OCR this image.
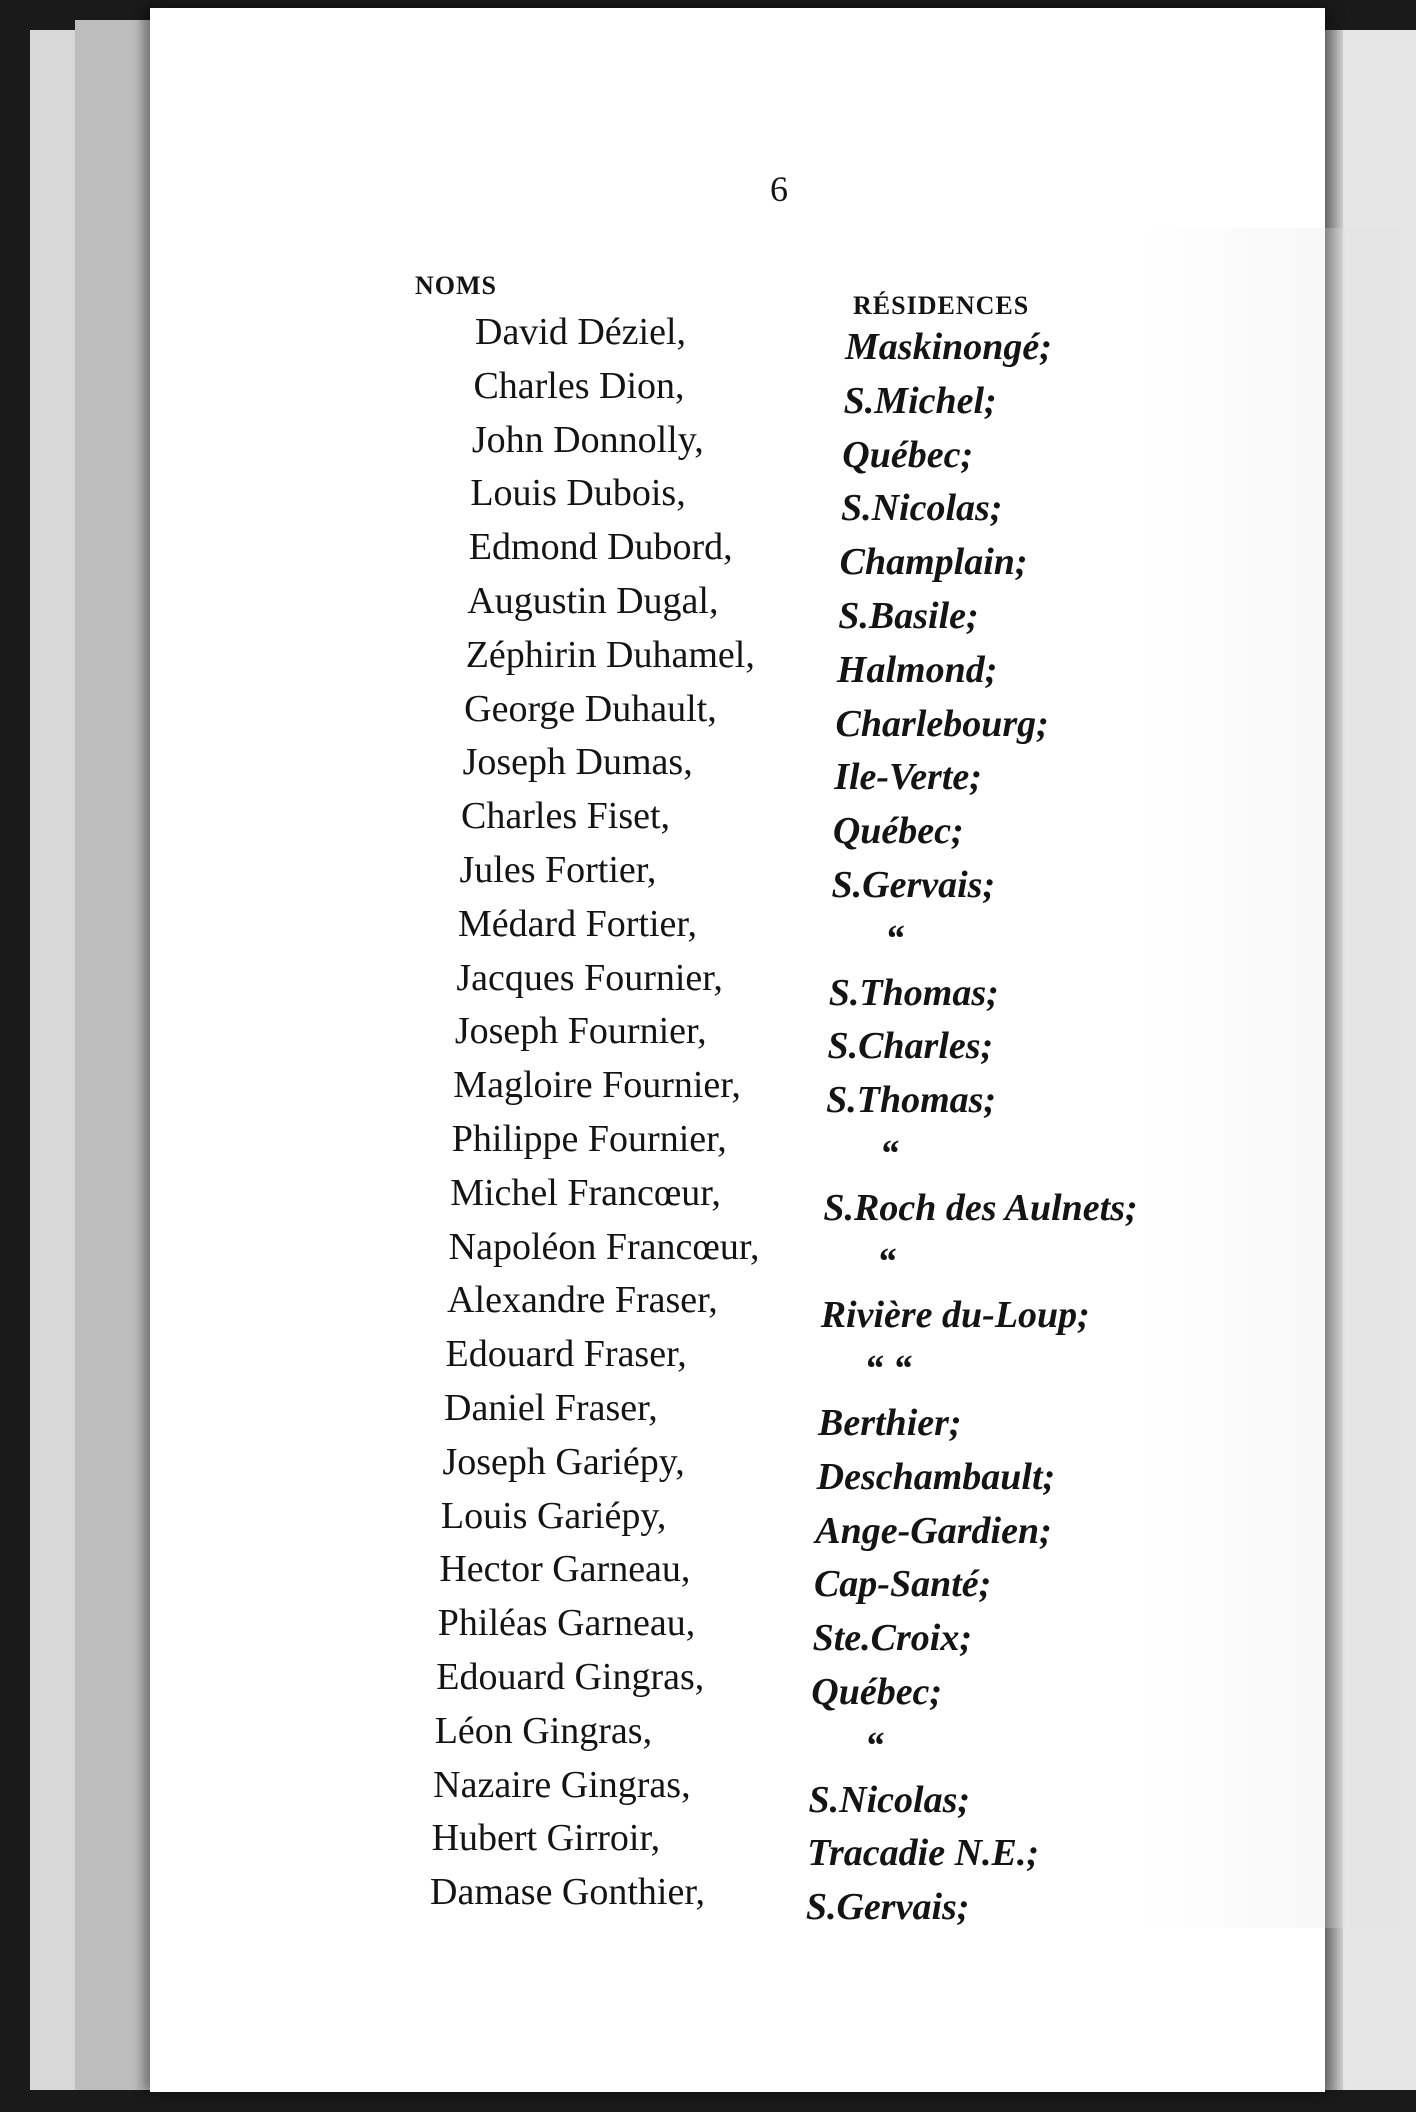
6
NOMS
RÉSIDENCES
David Déziel,
Charles Dion,
John Donnolly,
Louis Dubois,
Edmond Dubord,
Augustin Dugal,
Zéphirin Duhamel,
George Duhault,
Joseph Dumas,
Charles Fiset,
Jules Fortier,
Médard Fortier,
Jacques Fournier,
Joseph Fournier,
Magloire Fournier,
Philippe Fournier,
Michel Francœur,
Napoléon Francœur,
Alexandre Fraser,
Edouard Fraser,
Daniel Fraser,
Joseph Gariépy,
Louis Gariépy,
Hector Garneau,
Philéas Garneau,
Edouard Gingras,
Léon Gingras,
Nazaire Gingras,
Hubert Girroir,
Damase Gonthier,
Maskinongé;
S.Michel;
Québec;
S.Nicolas;
Champlain;
S.Basile;
Halmond;
Charlebourg;
Ile-Verte;
Québec;
S.Gervais;
“
S.Thomas;
S.Charles;
S.Thomas;
“
S.Roch des Aulnets;
“
Rivière du-Loup;
“ “
Berthier;
Deschambault;
Ange-Gardien;
Cap-Santé;
Ste.Croix;
Québec;
“
S.Nicolas;
Tracadie N.E.;
S.Gervais;
